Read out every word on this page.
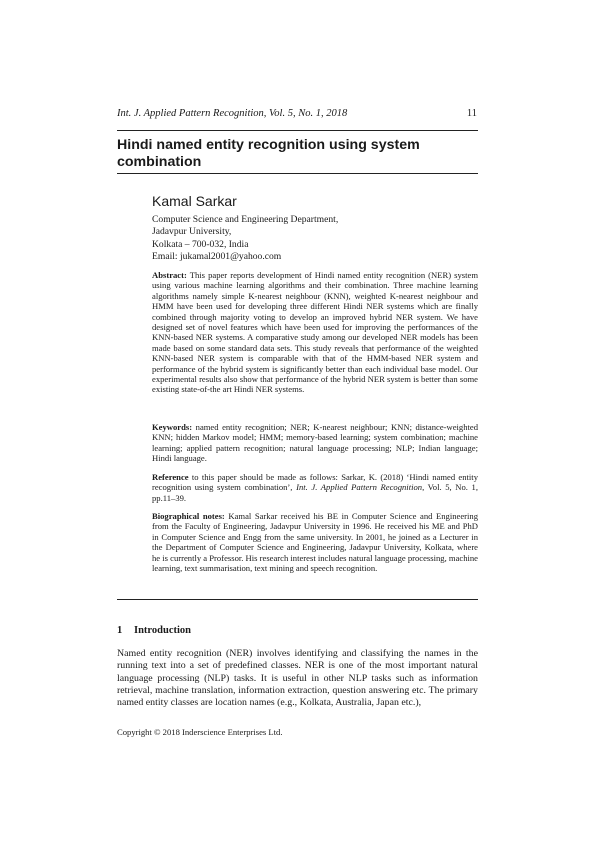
Int. J. Applied Pattern Recognition, Vol. 5, No. 1, 2018	11
Hindi named entity recognition using system combination
Kamal Sarkar
Computer Science and Engineering Department,
Jadavpur University,
Kolkata – 700-032, India
Email: jukamal2001@yahoo.com
Abstract: This paper reports development of Hindi named entity recognition (NER) system using various machine learning algorithms and their combination. Three machine learning algorithms namely simple K-nearest neighbour (KNN), weighted K-nearest neighbour and HMM have been used for developing three different Hindi NER systems which are finally combined through majority voting to develop an improved hybrid NER system. We have designed set of novel features which have been used for improving the performances of the KNN-based NER systems. A comparative study among our developed NER models has been made based on some standard data sets. This study reveals that performance of the weighted KNN-based NER system is comparable with that of the HMM-based NER system and performance of the hybrid system is significantly better than each individual base model. Our experimental results also show that performance of the hybrid NER system is better than some existing state-of-the art Hindi NER systems.
Keywords: named entity recognition; NER; K-nearest neighbour; KNN; distance-weighted KNN; hidden Markov model; HMM; memory-based learning; system combination; machine learning; applied pattern recognition; natural language processing; NLP; Indian language; Hindi language.
Reference to this paper should be made as follows: Sarkar, K. (2018) ‘Hindi named entity recognition using system combination’, Int. J. Applied Pattern Recognition, Vol. 5, No. 1, pp.11–39.
Biographical notes: Kamal Sarkar received his BE in Computer Science and Engineering from the Faculty of Engineering, Jadavpur University in 1996. He received his ME and PhD in Computer Science and Engg from the same university. In 2001, he joined as a Lecturer in the Department of Computer Science and Engineering, Jadavpur University, Kolkata, where he is currently a Professor. His research interest includes natural language processing, machine learning, text summarisation, text mining and speech recognition.
1 Introduction

Named entity recognition (NER) involves identifying and classifying the names in the running text into a set of predefined classes. NER is one of the most important natural language processing (NLP) tasks. It is useful in other NLP tasks such as information retrieval, machine translation, information extraction, question answering etc. The primary named entity classes are location names (e.g., Kolkata, Australia, Japan etc.),

Copyright © 2018 Inderscience Enterprises Ltd.
